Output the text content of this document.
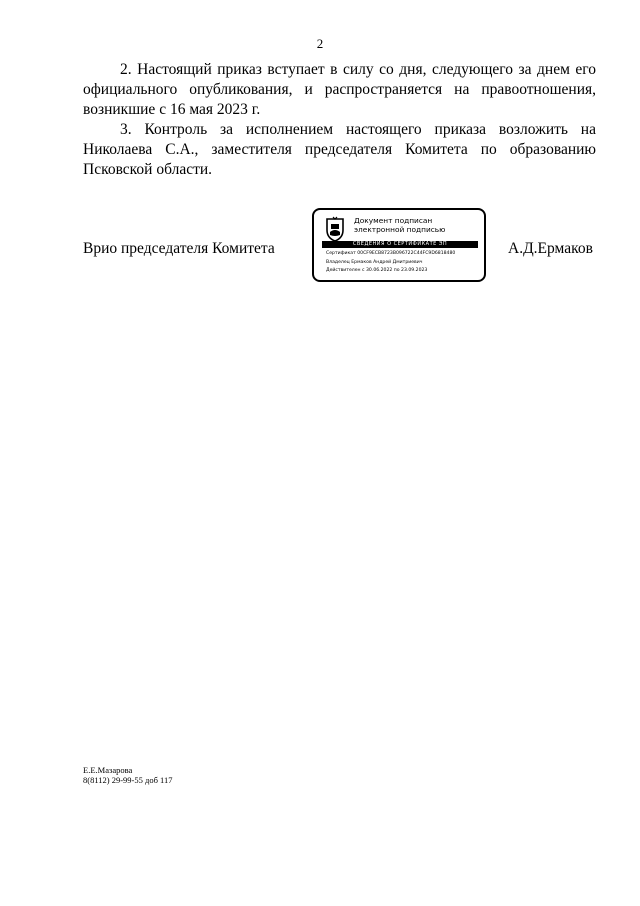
2
2. Настоящий приказ вступает в силу со дня, следующего за днем его официального опубликования, и распространяется на правоотношения, возникшие с 16 мая 2023 г.
3. Контроль за исполнением настоящего приказа возложить на Николаева С.А., заместителя председателя Комитета по образованию Псковской области.
Врио председателя Комитета
Документ подписан
электронной подписью
СВЕДЕНИЯ О СЕРТИФИКАТЕ ЭП
Сертификат 00CF9ECB8723B096722C44FC9D6818480
Владелец Ермаков Андрей Дмитриевич
Действителен с 30.06.2022 по 23.09.2023
А.Д.Ермаков
Е.Е.Мазарова
8(8112) 29-99-55 доб 117
